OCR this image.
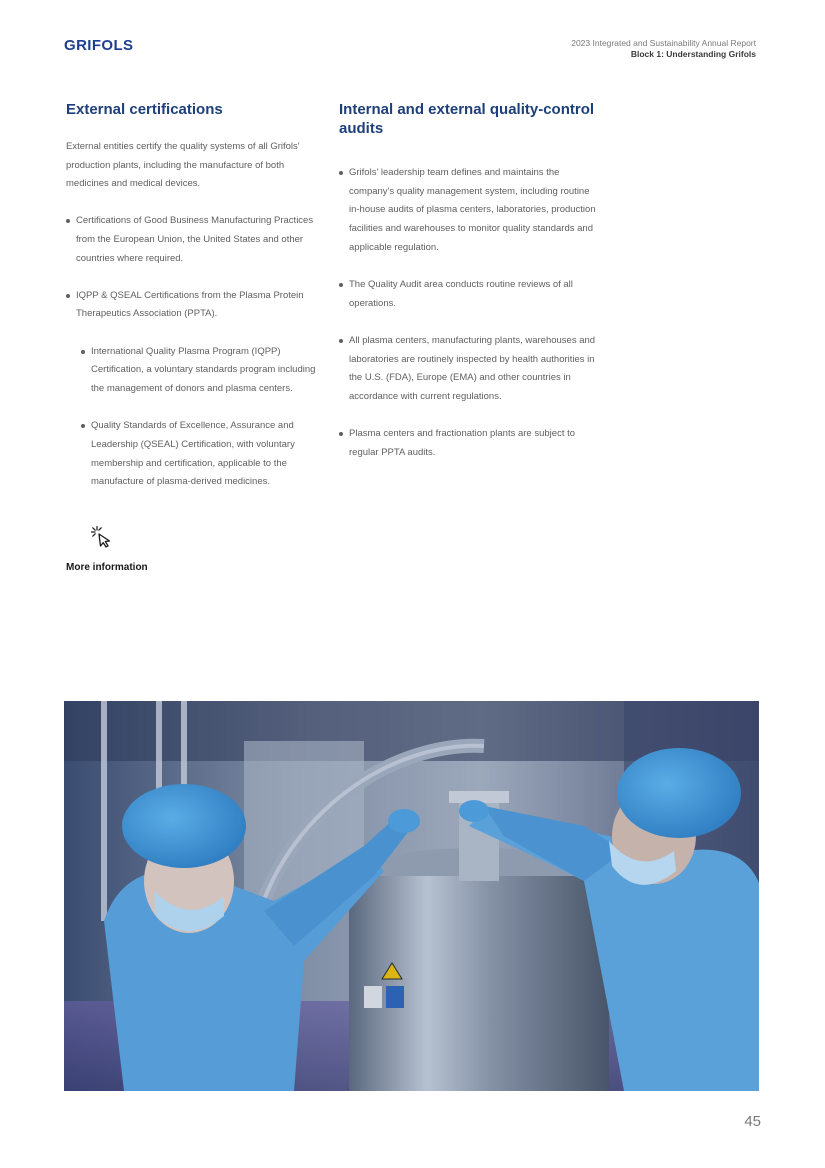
GRIFOLS	2023 Integrated and Sustainability Annual Report
Block 1: Understanding Grifols
External certifications

External entities certify the quality systems of all Grifols' production plants, including the manufacture of both medicines and medical devices.

Certifications of Good Business Manufacturing Practices from the European Union, the United States and other countries where required.
IQPP & QSEAL Certifications from the Plasma Protein Therapeutics Association (PPTA).
International Quality Plasma Program (IQPP) Certification, a voluntary standards program including the management of donors and plasma centers.
Quality Standards of Excellence, Assurance and Leadership (QSEAL) Certification, with voluntary membership and certification, applicable to the manufacture of plasma-derived medicines.
More information
Internal and external quality-control audits
Grifols' leadership team defines and maintains the company's quality management system, including routine in-house audits of plasma centers, laboratories, production facilities and warehouses to monitor quality standards and applicable regulation.
The Quality Audit area conducts routine reviews of all operations.
All plasma centers, manufacturing plants, warehouses and laboratories are routinely inspected by health authorities in the U.S. (FDA), Europe (EMA) and other countries in accordance with current regulations.
Plasma centers and fractionation plants are subject to regular PPTA audits.
45
